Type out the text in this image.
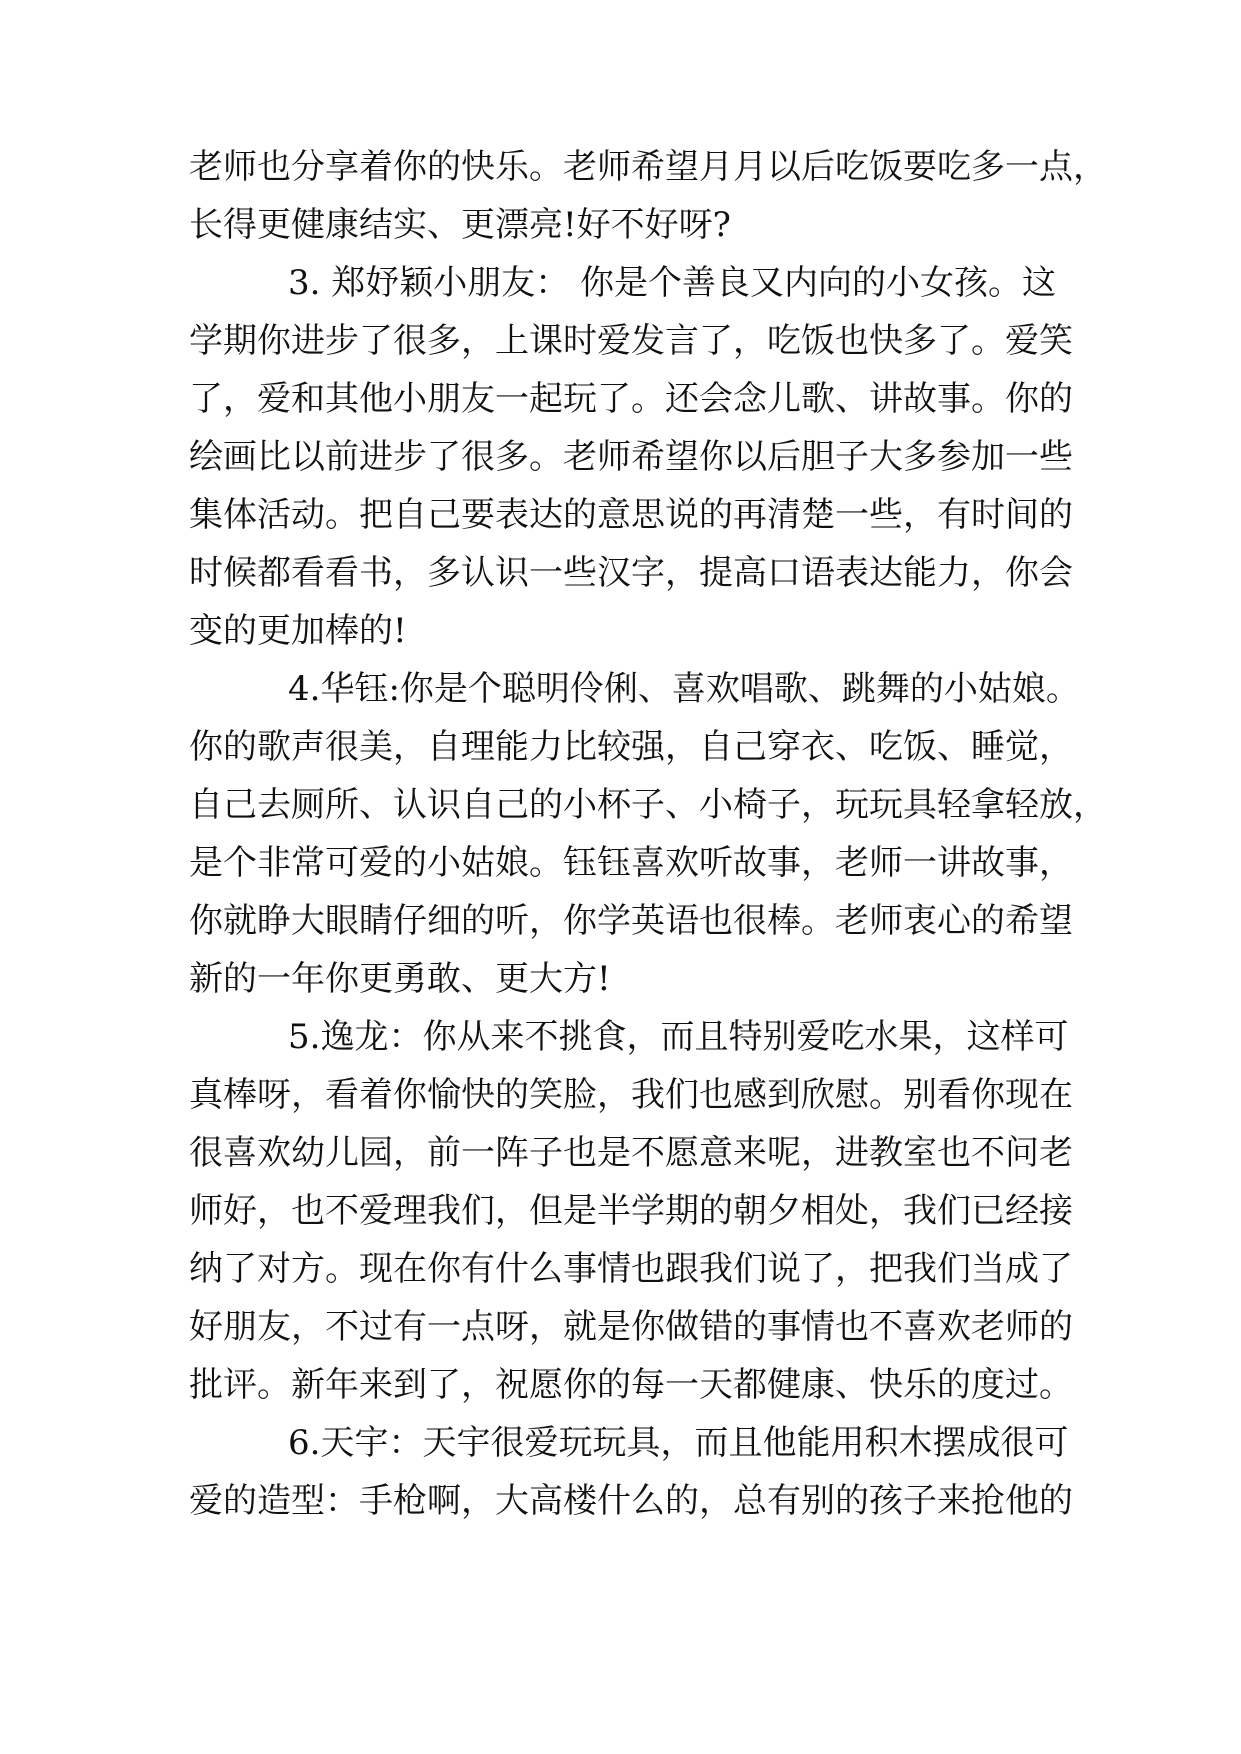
老师也分享着你的快乐。老师希望月月以后吃饭要吃多一点，
长得更健康结实、更漂亮!好不好呀?
3. 郑妤颖小朋友： 你是个善良又内向的小女孩。这
学期你进步了很多，上课时爱发言了，吃饭也快多了。爱笑
了，爱和其他小朋友一起玩了。还会念儿歌、讲故事。你的
绘画比以前进步了很多。老师希望你以后胆子大多参加一些
集体活动。把自己要表达的意思说的再清楚一些，有时间的
时候都看看书，多认识一些汉字，提高口语表达能力，你会
变的更加棒的!
4.华钰:你是个聪明伶俐、喜欢唱歌、跳舞的小姑娘。
你的歌声很美，自理能力比较强，自己穿衣、吃饭、睡觉，
自己去厕所、认识自己的小杯子、小椅子，玩玩具轻拿轻放，
是个非常可爱的小姑娘。钰钰喜欢听故事，老师一讲故事，
你就睁大眼睛仔细的听，你学英语也很棒。老师衷心的希望
新的一年你更勇敢、更大方!
5.逸龙：你从来不挑食，而且特别爱吃水果，这样可
真棒呀，看着你愉快的笑脸，我们也感到欣慰。别看你现在
很喜欢幼儿园，前一阵子也是不愿意来呢，进教室也不问老
师好，也不爱理我们，但是半学期的朝夕相处，我们已经接
纳了对方。现在你有什么事情也跟我们说了，把我们当成了
好朋友，不过有一点呀，就是你做错的事情也不喜欢老师的
批评。新年来到了，祝愿你的每一天都健康、快乐的度过。
6.天宇：天宇很爱玩玩具，而且他能用积木摆成很可
爱的造型：手枪啊，大高楼什么的，总有别的孩子来抢他的
